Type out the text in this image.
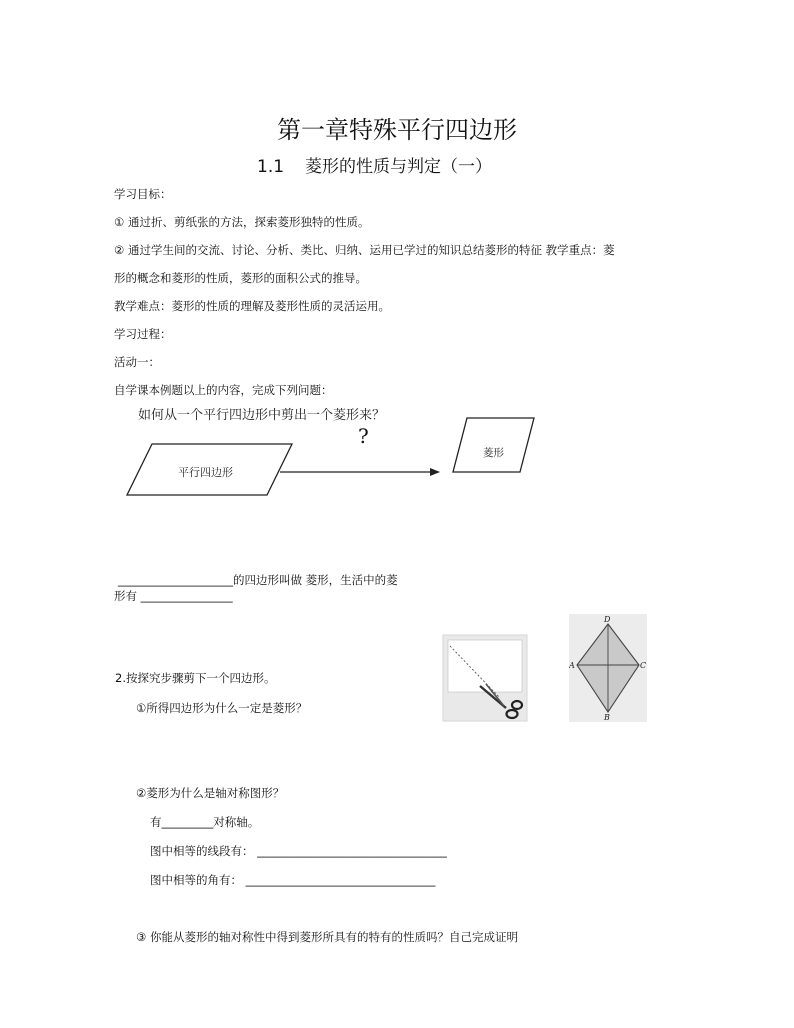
第一章特殊平行四边形
1.1 菱形的性质与判定（一）
学习目标：
① 通过折、剪纸张的方法，探索菱形独特的性质。
② 通过学生间的交流、讨论、分析、类比、归纳、运用已学过的知识总结菱形的特征 教学重点：菱
形的概念和菱形的性质，菱形的面积公式的推导。
教学难点：菱形的性质的理解及菱形性质的灵活运用。
学习过程：
活动一：
自学课本例题以上的内容，完成下列问题：
如何从一个平行四边形中剪出一个菱形来？
?
平行四边形
菱形
____________________的四边形叫做 菱形，生活中的菱
形有 ________________
D
A	C
B
2.按探究步骤剪下一个四边形。
①所得四边形为什么一定是菱形？
②菱形为什么是轴对称图形？
有_________对称轴。
图中相等的线段有： _________________________________
图中相等的角有： _________________________________
③ 你能从菱形的轴对称性中得到菱形所具有的特有的性质吗？自己完成证明
